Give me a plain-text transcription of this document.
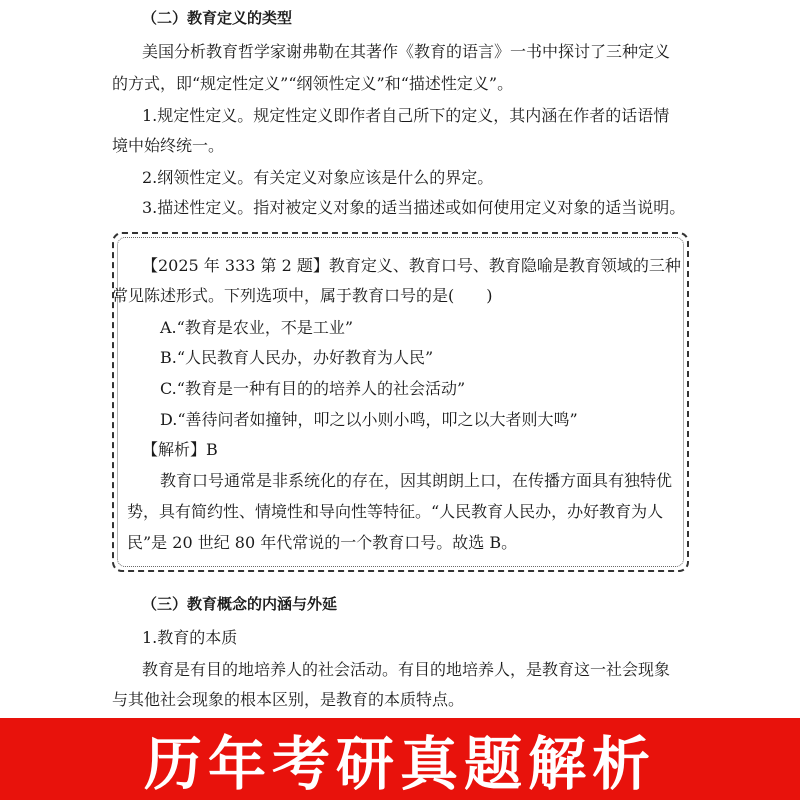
（二）教育定义的类型
美国分析教育哲学家谢弗勒在其著作《教育的语言》一书中探讨了三种定义
的方式，即“规定性定义”“纲领性定义”和“描述性定义”。
1.规定性定义。规定性定义即作者自己所下的定义，其内涵在作者的话语情
境中始终统一。
2.纲领性定义。有关定义对象应该是什么的界定。
3.描述性定义。指对被定义对象的适当描述或如何使用定义对象的适当说明。
【2025 年 333 第 2 题】教育定义、教育口号、教育隐喻是教育领域的三种
常见陈述形式。下列选项中，属于教育口号的是(　　)
A.“教育是农业，不是工业”
B.“人民教育人民办，办好教育为人民”
C.“教育是一种有目的的培养人的社会活动”
D.“善待问者如撞钟，叩之以小则小鸣，叩之以大者则大鸣”
【解析】B
教育口号通常是非系统化的存在，因其朗朗上口，在传播方面具有独特优
势，具有简约性、情境性和导向性等特征。“人民教育人民办，办好教育为人
民”是 20 世纪 80 年代常说的一个教育口号。故选 B。
（三）教育概念的内涵与外延
1.教育的本质
教育是有目的地培养人的社会活动。有目的地培养人，是教育这一社会现象
与其他社会现象的根本区别，是教育的本质特点。
历年考研真题解析
